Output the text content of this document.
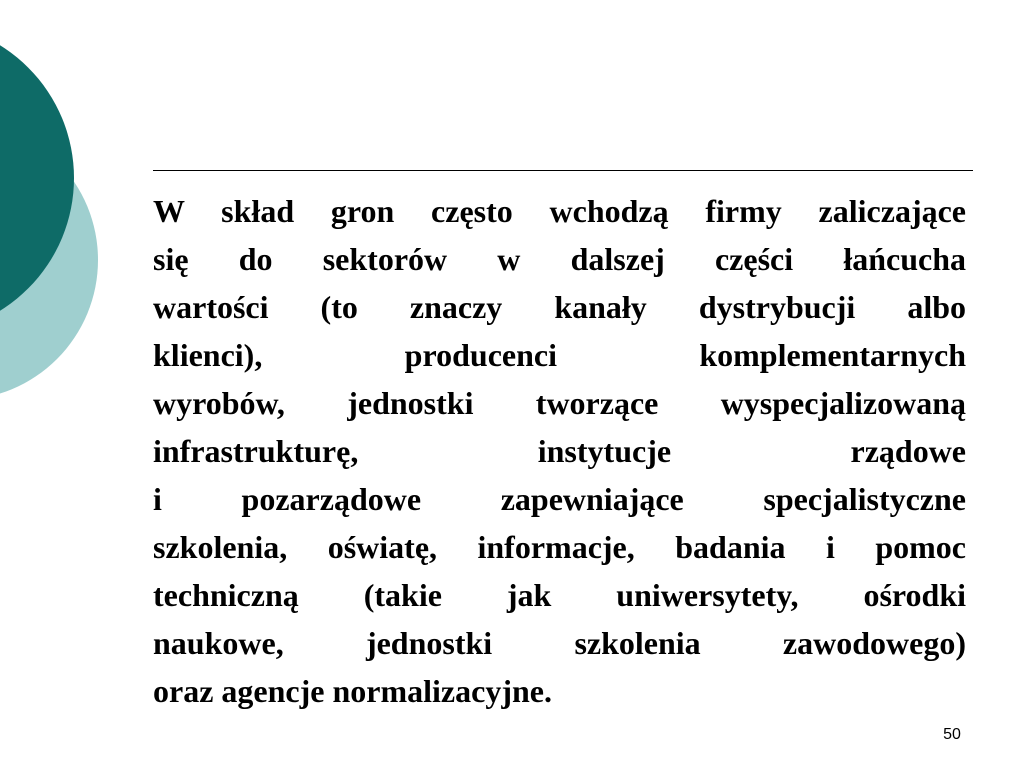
W skład gron często wchodzą firmy zaliczające
się do sektorów w dalszej części łańcucha
wartości (to znaczy kanały dystrybucji albo
klienci), producenci komplementarnych
wyrobów, jednostki tworzące wyspecjalizowaną
infrastrukturę, instytucje rządowe
i pozarządowe zapewniające specjalistyczne
szkolenia, oświatę, informacje, badania i pomoc
techniczną (takie jak uniwersytety, ośrodki
naukowe, jednostki szkolenia zawodowego)
oraz agencje normalizacyjne.

50
